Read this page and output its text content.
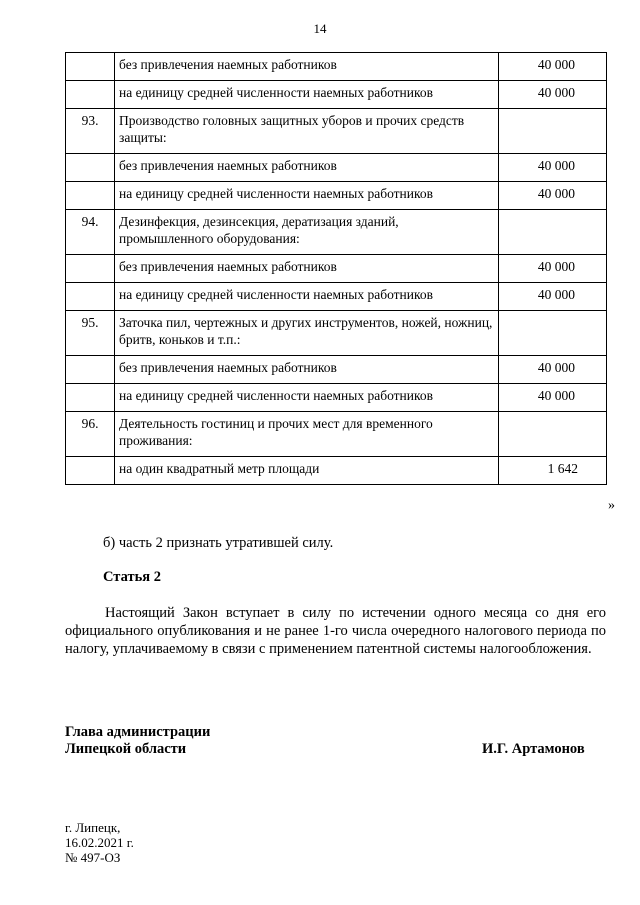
14
	без привлечения наемных работников	40 000
	на единицу средней численности наемных работников	40 000
93.	Производство головных защитных уборов и прочих средств защиты:	
	без привлечения наемных работников	40 000
	на единицу средней численности наемных работников	40 000
94.	Дезинфекция, дезинсекция, дератизация зданий, промышленного оборудования:	
	без привлечения наемных работников	40 000
	на единицу средней численности наемных работников	40 000
95.	Заточка пил, чертежных и других инструментов, ножей, ножниц, бритв, коньков и т.п.:	
	без привлечения наемных работников	40 000
	на единицу средней численности наемных работников	40 000
96.	Деятельность гостиниц и прочих мест для временного проживания:	
	на один квадратный метр площади	1 642
»
б) часть 2 признать утратившей силу.
Статья 2
Настоящий Закон вступает в силу по истечении одного месяца со дня его официального опубликования и не ранее 1-го числа очередного налогового периода по налогу, уплачиваемому в связи с применением патентной системы налогообложения.
Глава администрации
Липецкой области	И.Г. Артамонов
г. Липецк,
16.02.2021 г.
№ 497-ОЗ
